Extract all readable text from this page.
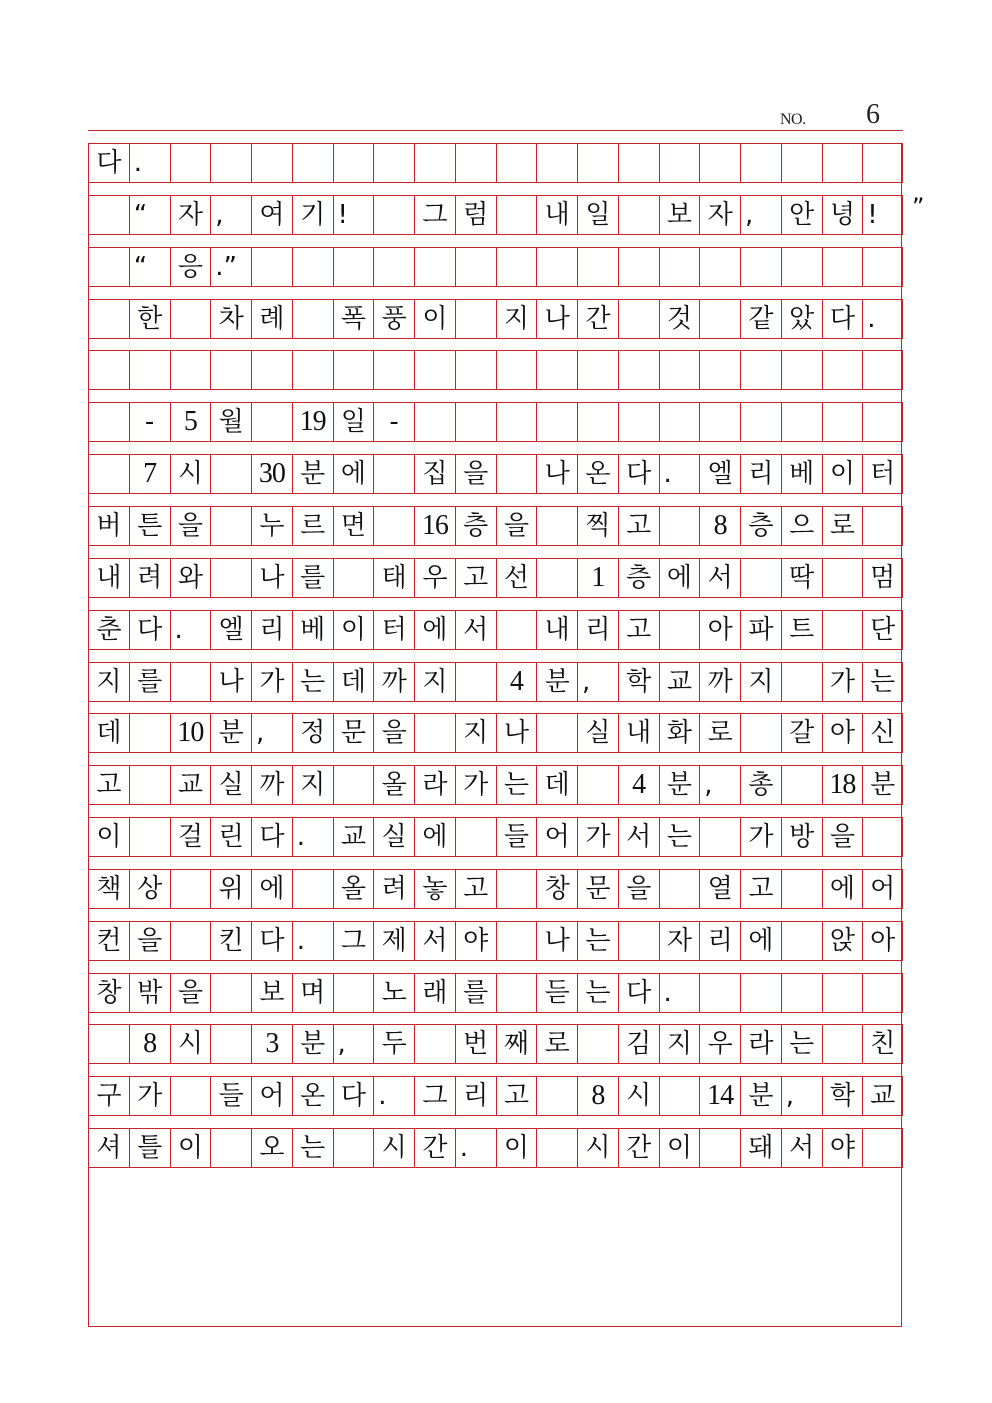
NO. 6
다 .
“	자 ,	여 기 !	그 럼	내 일	보 자 ,	안 녕 !
“	응 .”
한	차 례	폭 풍 이	지 나 간	것	같 았 다 .
-	5 월 19 일 -
7 시 30 분 에	집 을	나 온 다 .	엘 리 베 이 터
버 튼 을	누 르 면 16 층 을	찍 고	8 층 으 로
내 려 와	나 를	태 우 고 선	1 층 에 서	딱	멈
춘 다 .	엘 리 베 이 터 에 서	내 리 고	아 파 트	단
지 를	나 가 는 데 까 지	4 분 ,	학 교 까 지	가 는
데 10 분 ,	정 문 을	지 나	실 내 화 로	갈 아 신
고	교 실 까 지	올 라 가 는 데	4 분 ,	총 18 분
이	걸 린 다 .	교 실 에	들 어 가 서 는	가 방 을
책 상	위 에	올 려 놓 고	창 문 을	열 고	에 어
컨 을	킨 다 .	그 제 서 야	나 는	자 리 에	앉 아
창 밖 을	보 며	노 래 를	듣 는 다 .
8 시	3 분 ,	두	번 째 로	김 지 우 라 는	친
구 가	들 어 온 다 .	그 리 고	8 시 14 분 ,	학 교
셔 틀 이	오 는	시 간 .	이	시 간 이	돼 서 야
”
